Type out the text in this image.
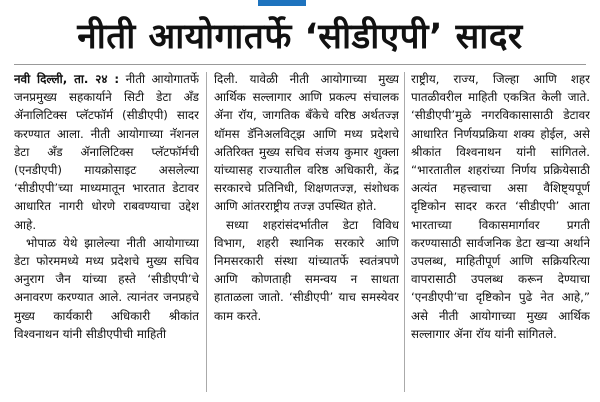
नीती आयोगातर्फे ‘सीडीएपी’ सादर

नवी दिल्ली, ता. २४ : नीती आयोगातर्फे जनप्रमुख्य सहकार्याने सिटी डेटा अँड ॲनालिटिक्स प्लॅटफॉर्म (सीडीएपी) सादर करण्यात आला. नीती आयोगाच्या नॅशनल डेटा अँड ॲनालिटिक्स प्लॅटफॉर्मची (एनडीएपी) मायक्रोसाइट असलेल्या ‘सीडीएपी’च्या माध्यमातून भारतात डेटावर आधारित नागरी धोरणे राबवण्याचा उद्देश आहे.

भोपाळ येथे झालेल्या नीती आयोगाच्या डेटा फोरममध्ये मध्य प्रदेशचे मुख्य सचिव अनुराग जैन यांच्या हस्ते ‘सीडीएपी’चे अनावरण करण्यात आले. त्यानंतर जनप्रहचे मुख्य कार्यकारी अधिकारी श्रीकांत विश्वनाथन यांनी सीडीएपीची माहिती

दिली. यावेळी नीती आयोगाच्या मुख्य आर्थिक सल्लागार आणि प्रकल्प संचालक ॲना रॉय, जागतिक बँकेचे वरिष्ठ अर्थतज्ज्ञ थॉमस डॅनिअलविट्झ आणि मध्य प्रदेशचे अतिरिक्त मुख्य सचिव संजय कुमार शुक्ला यांच्यासह राज्यातील वरिष्ठ अधिकारी, केंद्र सरकारचे प्रतिनिधी, शिक्षणतज्ज्ञ, संशोधक आणि आंतरराष्ट्रीय तज्ज्ञ उपस्थित होते.

सध्या शहरांसंदर्भातील डेटा विविध विभाग, शहरी स्थानिक सरकारे आणि निमसरकारी संस्था यांच्यातर्फे स्वतंत्रपणे आणि कोणताही समन्वय न साधता हाताळला जातो. ‘सीडीएपी’ याच समस्येवर काम करते.

राष्ट्रीय, राज्य, जिल्हा आणि शहर पातळीवरील माहिती एकत्रित केली जाते. ‘सीडीएपी’मुळे नगरविकासासाठी डेटावर आधारित निर्णयप्रक्रिया शक्य होईल, असे श्रीकांत विश्वनाथन यांनी सांगितले. “भारतातील शहरांच्या निर्णय प्रक्रियेसाठी अत्यंत महत्त्वाचा असा वैशिष्ट्यपूर्ण दृष्टिकोन सादर करत ‘सीडीएपी’ आता भारताच्या विकासमार्गावर प्रगती करण्यासाठी सार्वजनिक डेटा खऱ्या अर्थाने उपलब्ध, माहितीपूर्ण आणि सक्रियरित्या वापरासाठी उपलब्ध करून देण्याचा ‘एनडीएपी’चा दृष्टिकोन पुढे नेत आहे,” असे नीती आयोगाच्या मुख्य आर्थिक सल्लागार ॲना रॉय यांनी सांगितले.
